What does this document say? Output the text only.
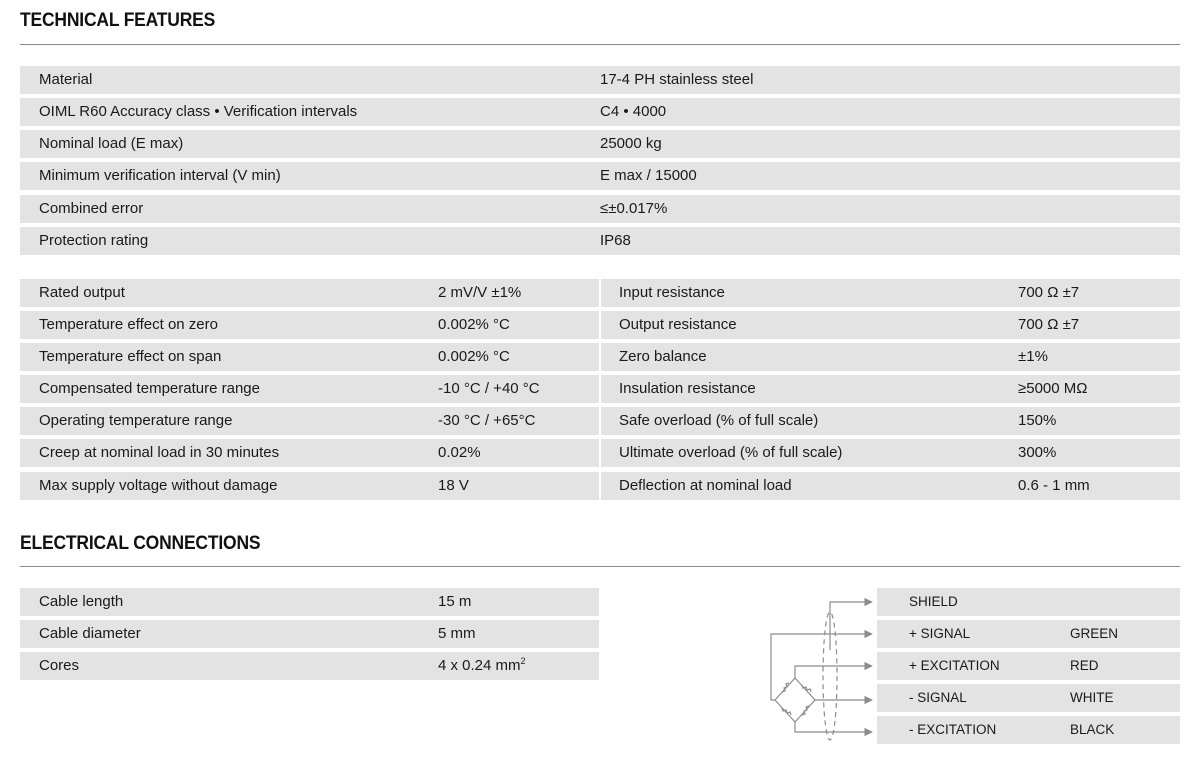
TECHNICAL FEATURES
Material	17-4 PH stainless steel
OIML R60 Accuracy class • Verification intervals	C4 • 4000
Nominal load (E max)	25000 kg
Minimum verification interval (V min)	E max / 15000
Combined error	≤±0.017%
Protection rating	IP68
Rated output	2 mV/V ±1%
Temperature effect on zero	0.002% °C
Temperature effect on span	0.002% °C
Compensated temperature range	-10 °C / +40 °C
Operating temperature range	-30 °C / +65°C
Creep at nominal load in 30 minutes	0.02%
Max supply voltage without damage	18 V
Input resistance	700 Ω ±7
Output resistance	700 Ω ±7
Zero balance	±1%
Insulation resistance	≥5000 MΩ
Safe overload (% of full scale)	150%
Ultimate overload (% of full scale)	300%
Deflection at nominal load	0.6 - 1 mm
ELECTRICAL CONNECTIONS
Cable length	15 m
Cable diameter	5 mm
Cores	4 x 0.24 $mm^2$
SHIELD
+ SIGNAL	GREEN
+ EXCITATION	RED
- SIGNAL	WHITE
- EXCITATION	BLACK
